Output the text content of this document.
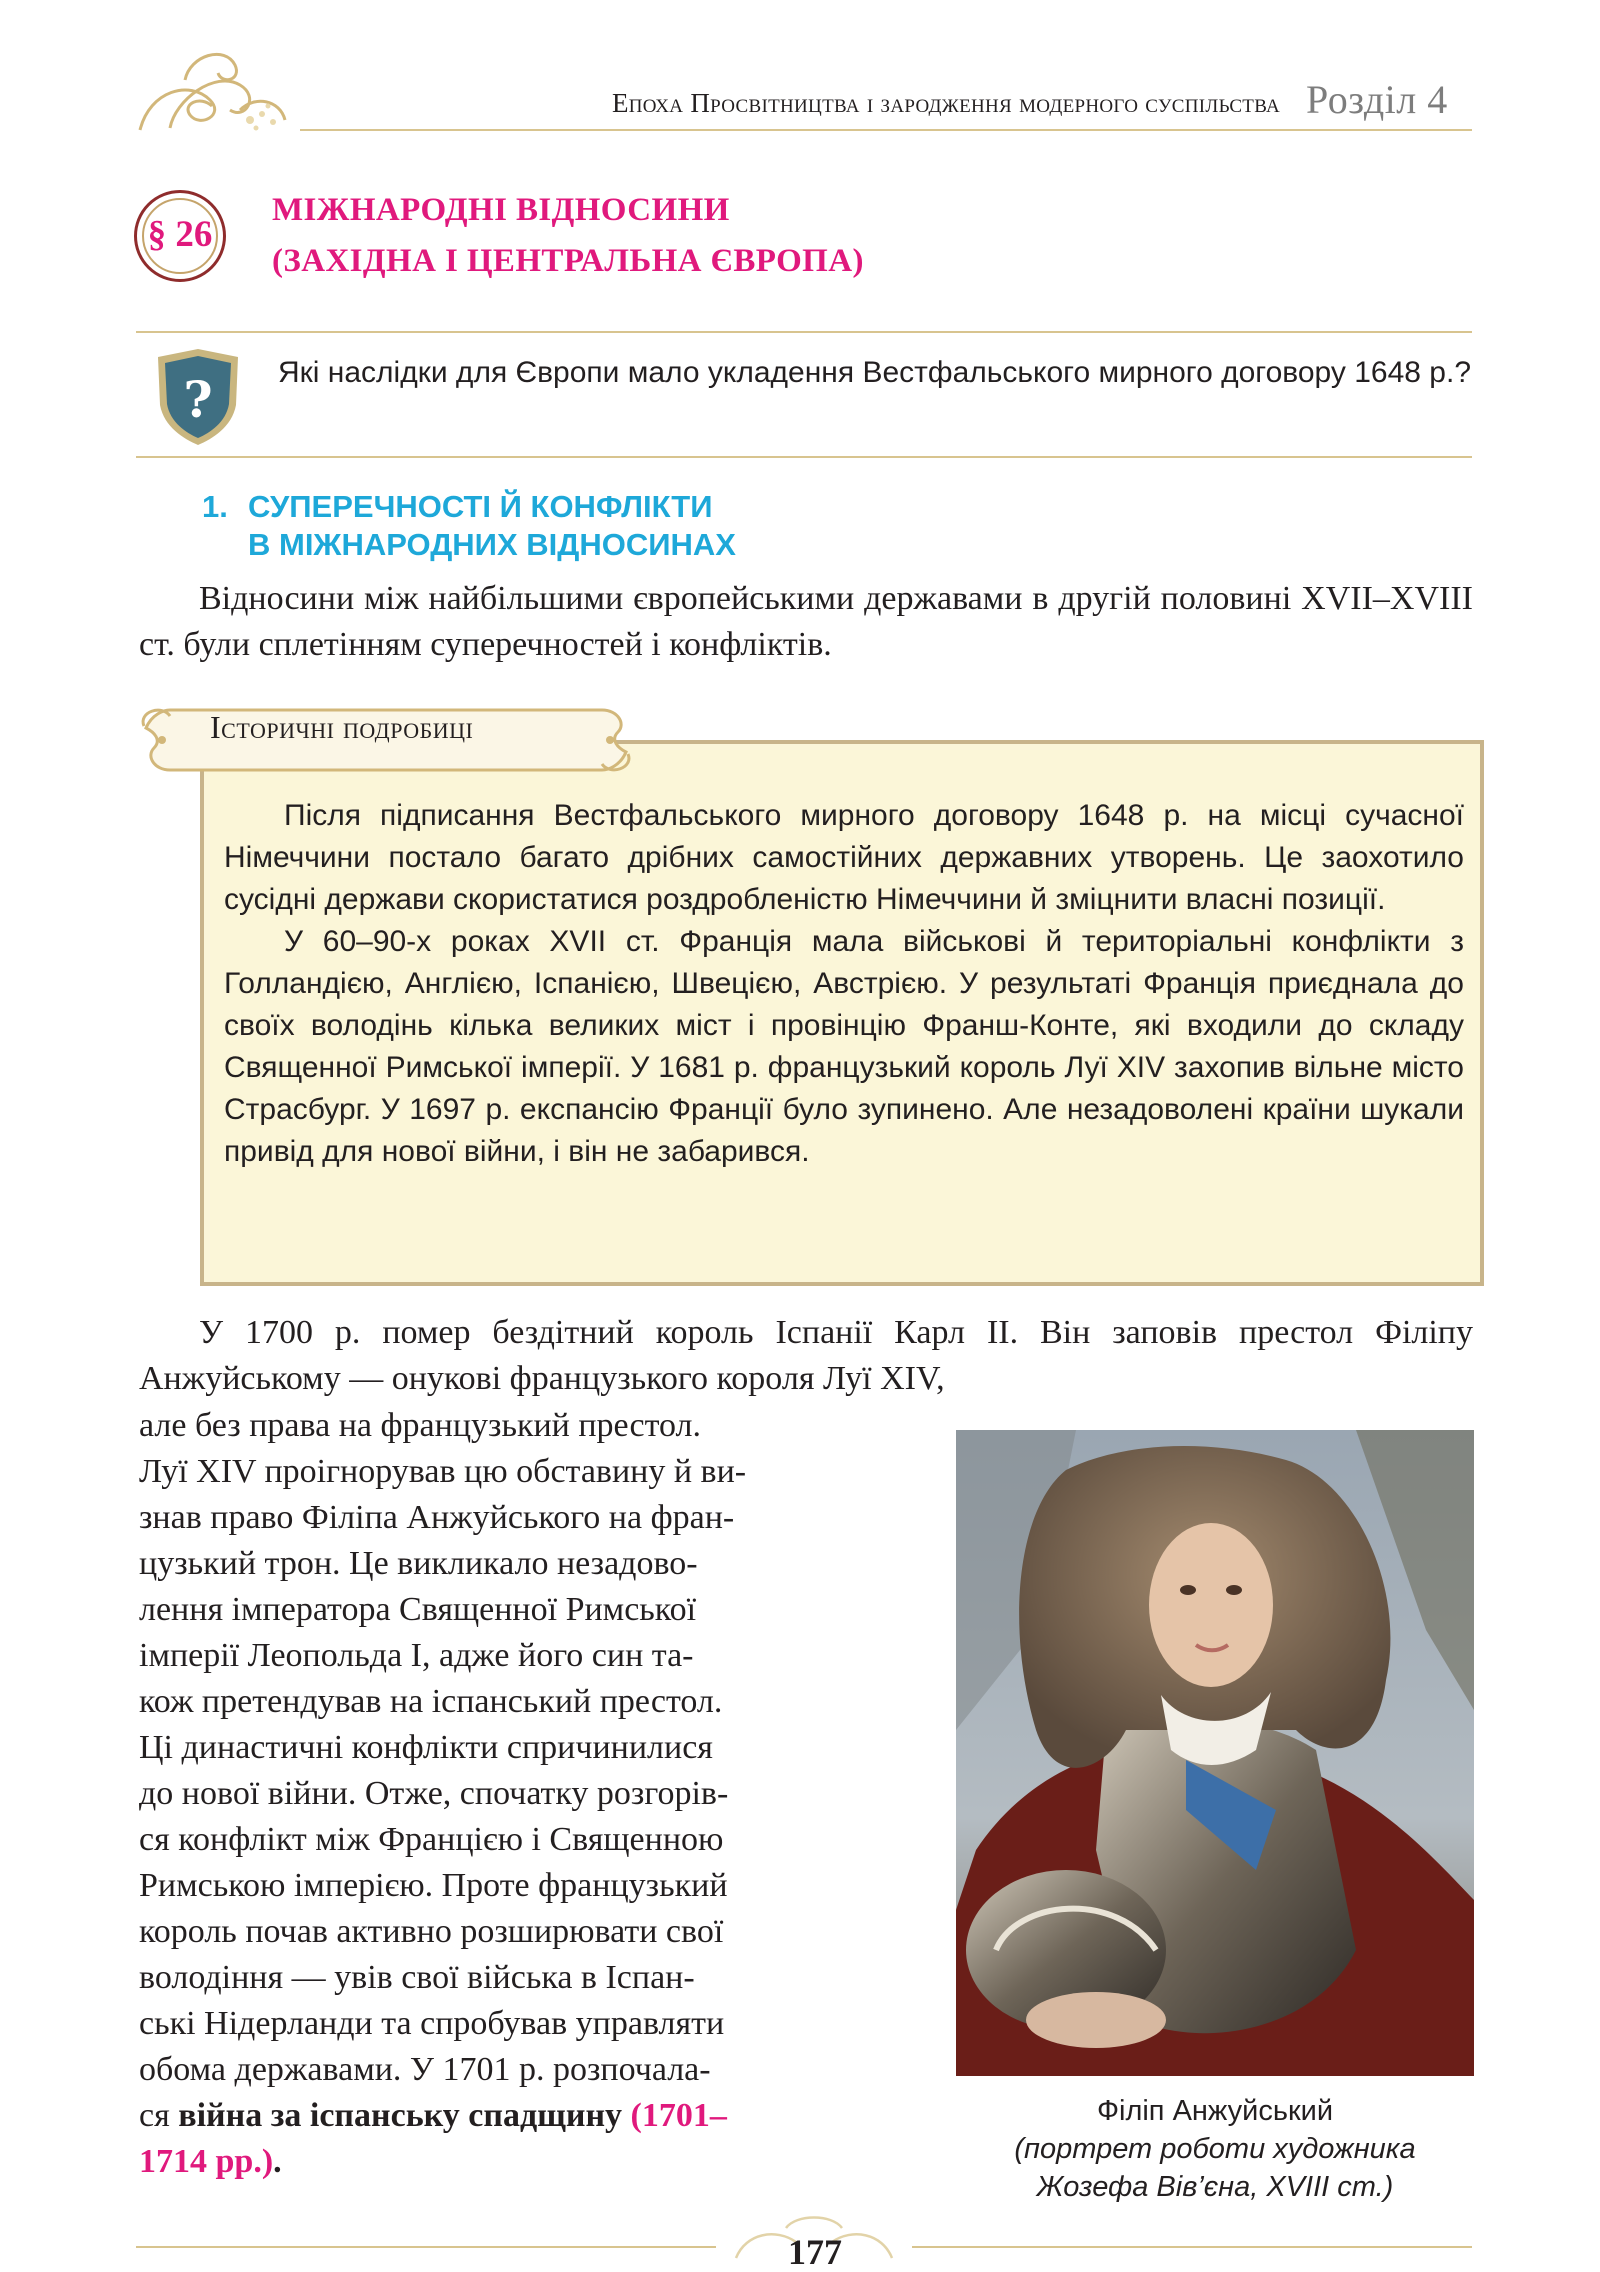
Епоха Просвітництва і зародження модерного суспільства Розділ 4
§ 26
МІЖНАРОДНІ ВІДНОСИНИ
(ЗАХІДНА І ЦЕНТРАЛЬНА ЄВРОПА)
? Які наслідки для Європи мало укладення Вестфальського мирного договору 1648 р.?
1. СУПЕРЕЧНОСТІ Й КОНФЛІКТИ
В МІЖНАРОДНИХ ВІДНОСИНАХ
Відносини між найбільшими європейськими державами в другій половині XVII–XVIII ст. були сплетінням суперечностей і конфліктів.
Історичні подробиці

Після підписання Вестфальського мирного договору 1648 р. на місці сучасної Німеччини постало багато дрібних самостійних державних утворень. Це заохотило сусідні держави скористатися роздробленістю Німеччини й зміцнити власні позиції.

У 60–90-х роках XVII ст. Франція мала військові й територіальні конфлікти з Голландією, Англією, Іспанією, Швецією, Австрією. У результаті Франція приєднала до своїх володінь кілька великих міст і провінцію Франш-Конте, які входили до складу Священної Римської імперії. У 1681 р. французький король Луї XIV захопив вільне місто Страсбург. У 1697 р. експансію Франції було зупинено. Але незадоволені країни шукали привід для нової війни, і він не забарився.

У 1700 р. помер бездітний король Іспанії Карл II. Він заповів престол Філіпу Анжуйському — онукові французького короля Луї XIV,
але без права на французький престол.
Луї XIV проігнорував цю обставину й ви-
знав право Філіпа Анжуйського на фран-
цузький трон. Це викликало незадово-
лення імператора Священної Римської
імперії Леопольда I, адже його син та-
кож претендував на іспанський престол.
Ці династичні конфлікти спричинилися
до нової війни. Отже, спочатку розгорів-
ся конфлікт між Францією і Священною
Римською імперією. Проте французький
король почав активно розширювати свої
володіння — увів свої війська в Іспан-
ські Нідерланди та спробував управляти
обома державами. У 1701 р. розпочала-
ся війна за іспанську спадщину (1701–
1714 рр.).
Філіп Анжуйський
(портрет роботи художника
Жозефа Вів’єна, XVIII ст.)
177
